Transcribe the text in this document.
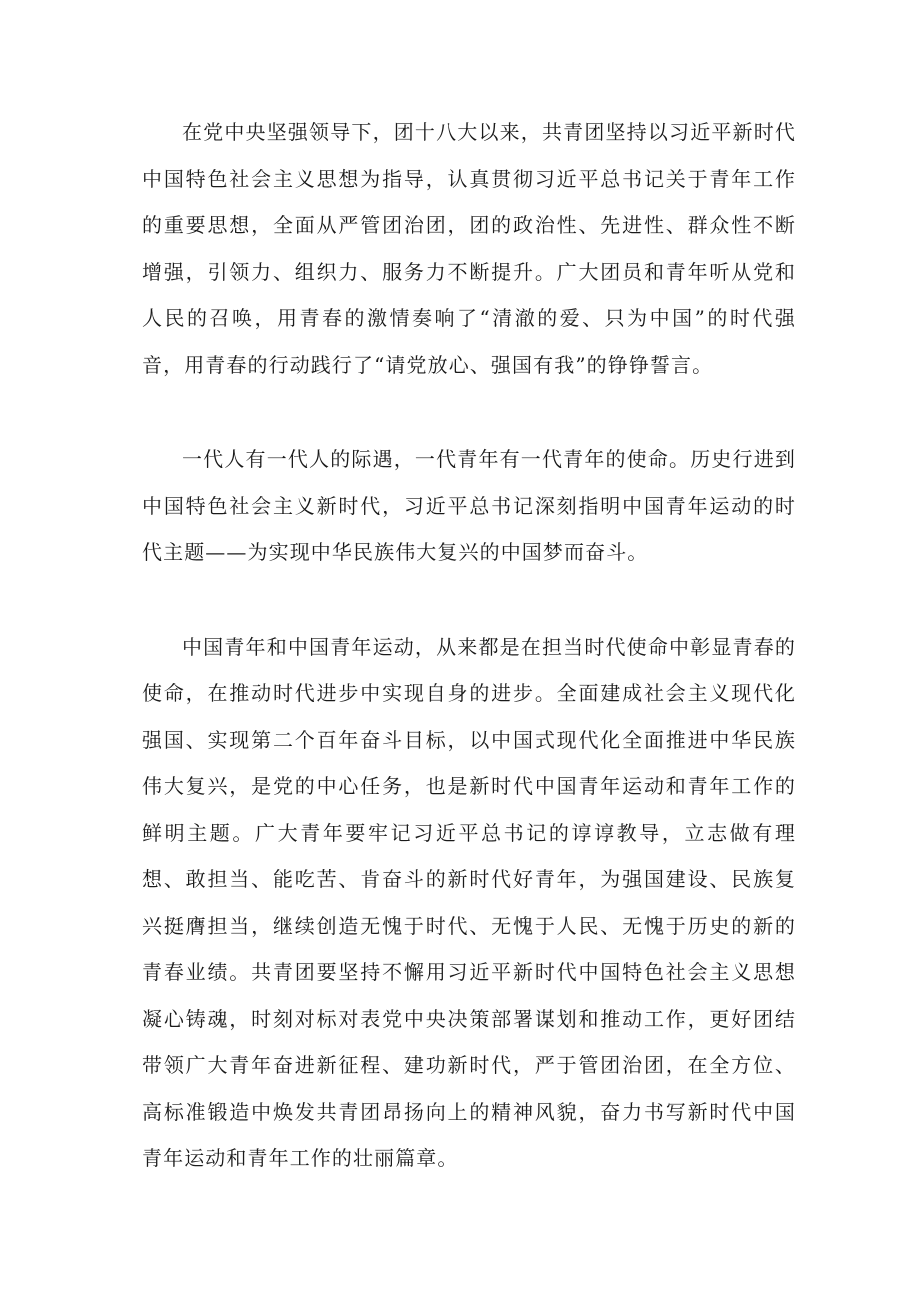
在党中央坚强领导下，团十八大以来，共青团坚持以习近平新时代中国特色社会主义思想为指导，认真贯彻习近平总书记关于青年工作的重要思想，全面从严管团治团，团的政治性、先进性、群众性不断增强，引领力、组织力、服务力不断提升。广大团员和青年听从党和人民的召唤，用青春的激情奏响了“清澈的爱、只为中国”的时代强音，用青春的行动践行了“请党放心、强国有我”的铮铮誓言。

一代人有一代人的际遇，一代青年有一代青年的使命。历史行进到中国特色社会主义新时代，习近平总书记深刻指明中国青年运动的时代主题——为实现中华民族伟大复兴的中国梦而奋斗。

中国青年和中国青年运动，从来都是在担当时代使命中彰显青春的使命，在推动时代进步中实现自身的进步。全面建成社会主义现代化强国、实现第二个百年奋斗目标，以中国式现代化全面推进中华民族伟大复兴，是党的中心任务，也是新时代中国青年运动和青年工作的鲜明主题。广大青年要牢记习近平总书记的谆谆教导，立志做有理想、敢担当、能吃苦、肯奋斗的新时代好青年，为强国建设、民族复兴挺膺担当，继续创造无愧于时代、无愧于人民、无愧于历史的新的青春业绩。共青团要坚持不懈用习近平新时代中国特色社会主义思想凝心铸魂，时刻对标对表党中央决策部署谋划和推动工作，更好团结带领广大青年奋进新征程、建功新时代，严于管团治团，在全方位、高标准锻造中焕发共青团昂扬向上的精神风貌，奋力书写新时代中国青年运动和青年工作的壮丽篇章。
